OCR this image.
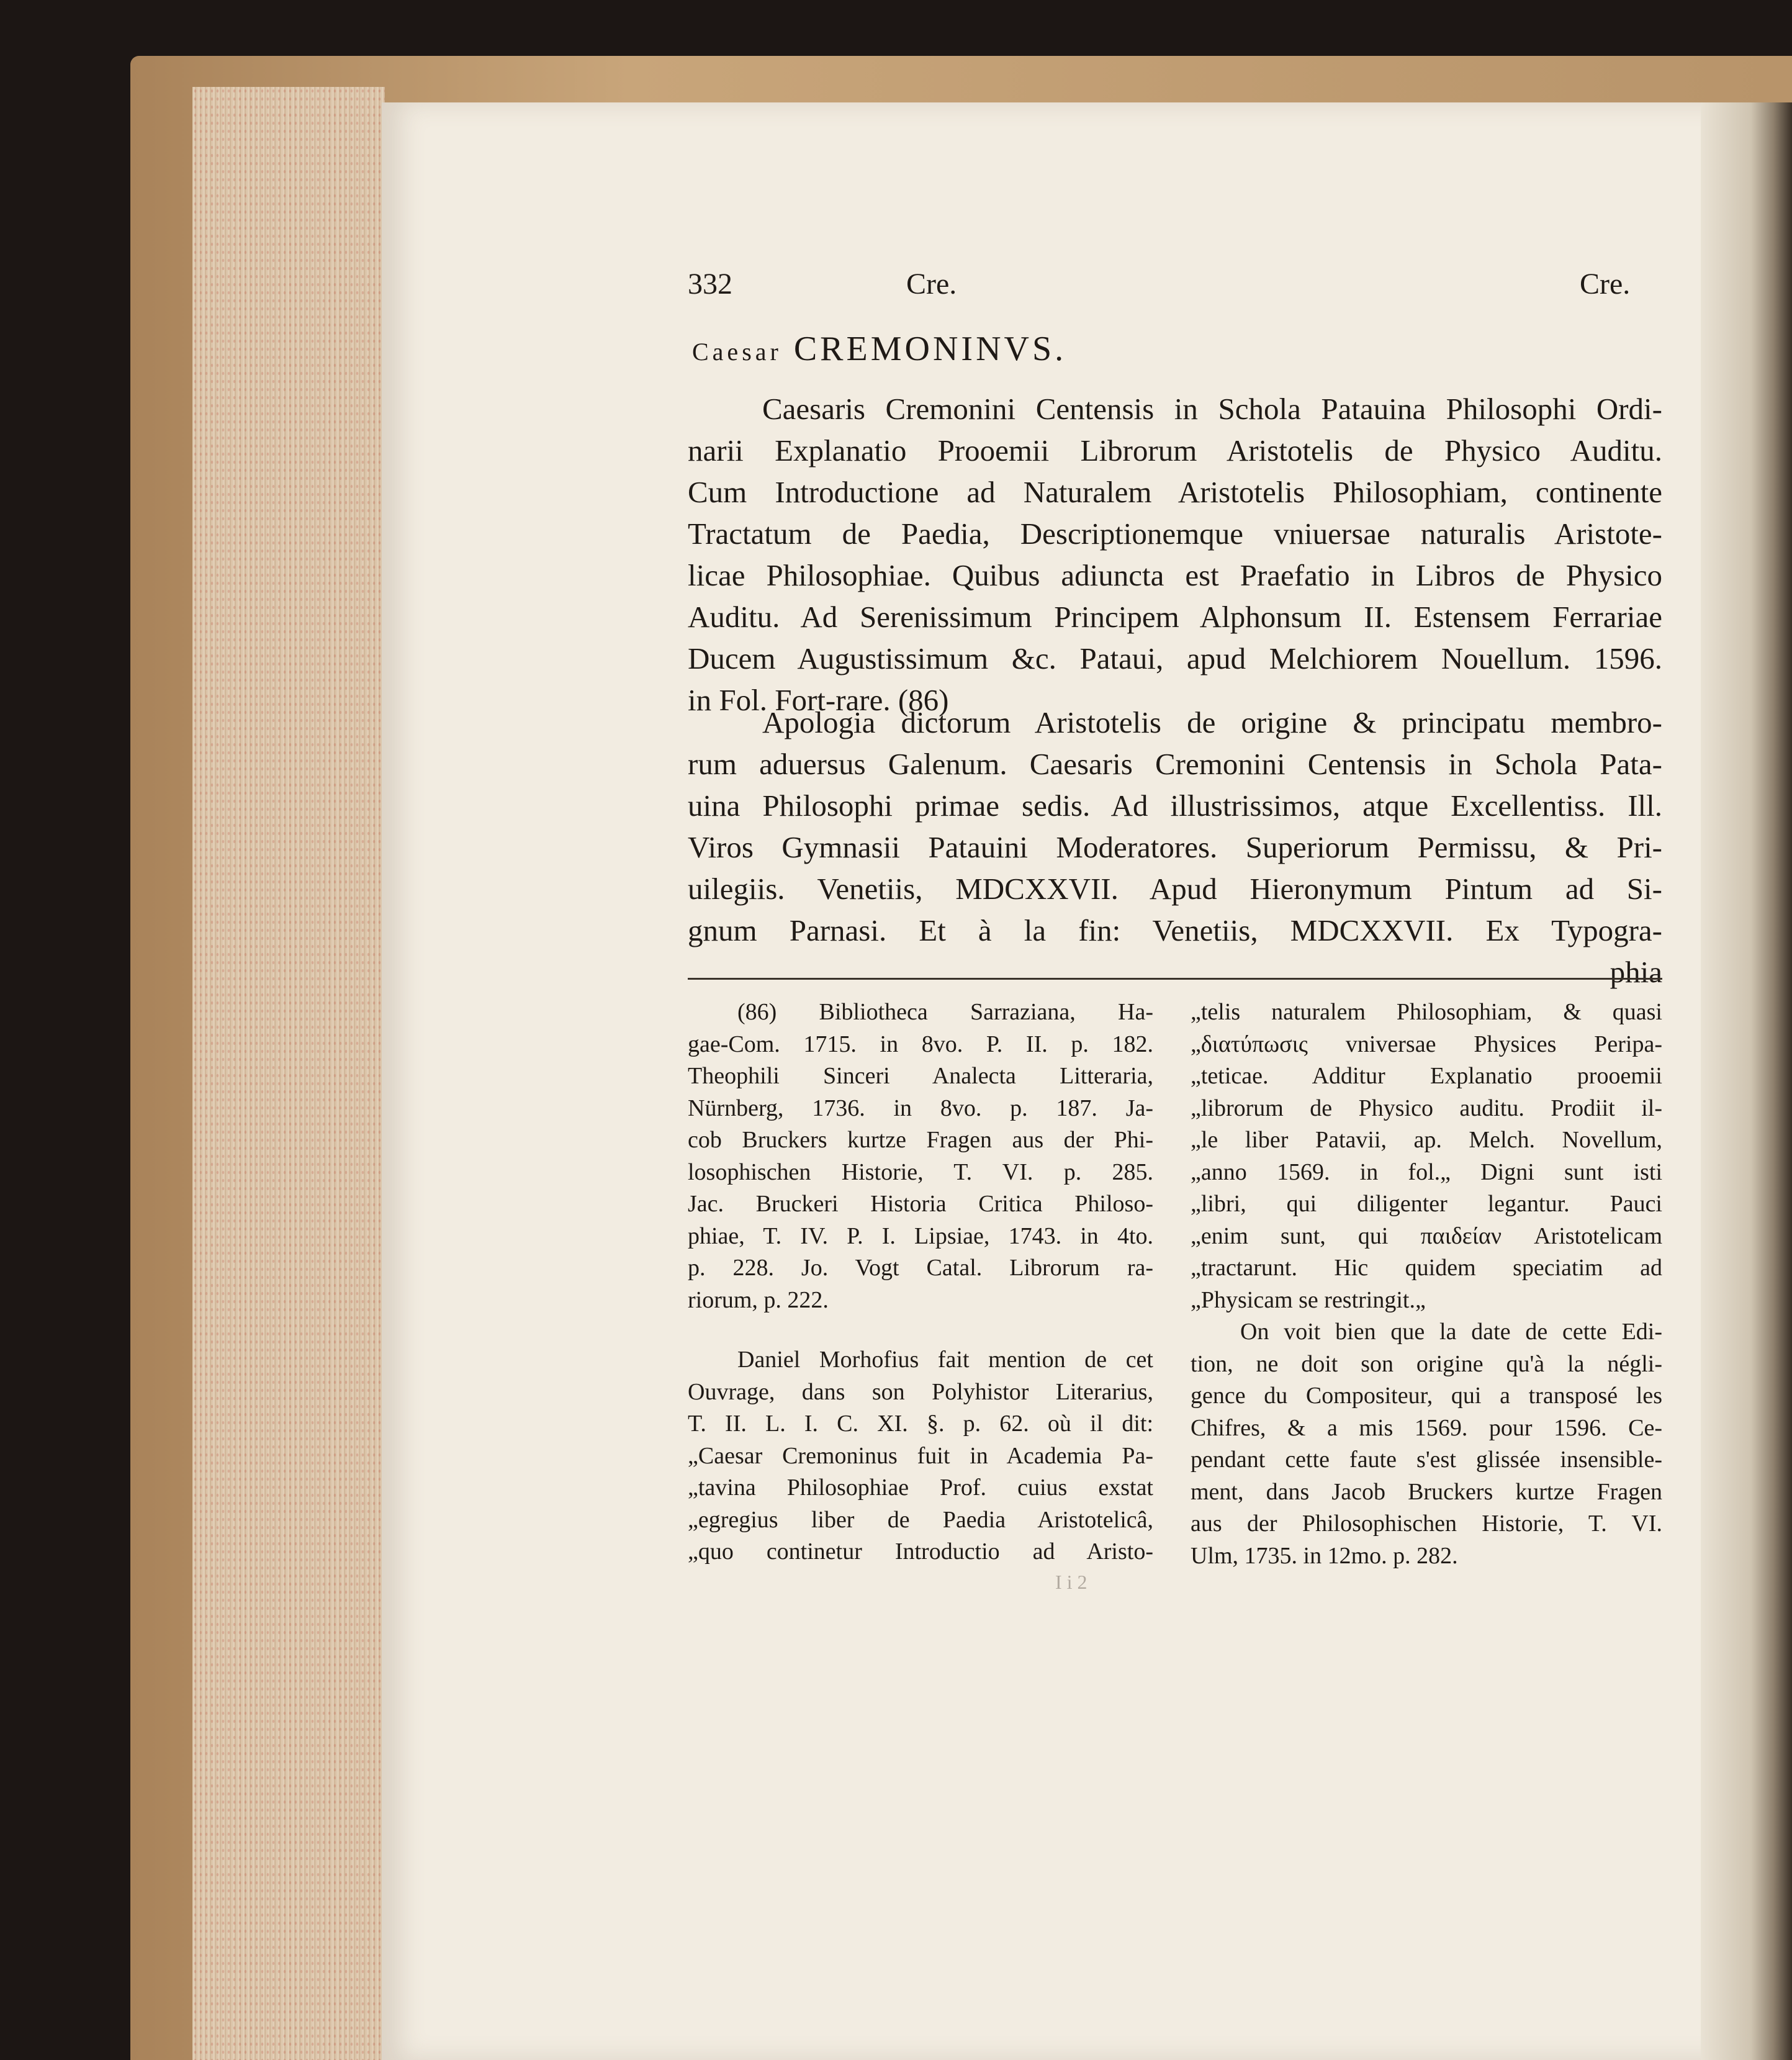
332	Cre.	Cre.
Caesar CREMONINVS.
Caesaris Cremonini Centensis in Schola Patauina Philosophi Ordi-
narii Explanatio Prooemii Librorum Aristotelis de Physico Auditu.
Cum Introductione ad Naturalem Aristotelis Philosophiam, continente
Tractatum de Paedia, Descriptionemque vniuersae naturalis Aristote-
licae Philosophiae. Quibus adiuncta est Praefatio in Libros de Physico
Auditu. Ad Serenissimum Principem Alphonsum II. Estensem Ferrariae
Ducem Augustissimum &c. Pataui, apud Melchiorem Nouellum. 1596.
in Fol. Fort-rare. (86)
Apologia dictorum Aristotelis de origine & principatu membro-
rum aduersus Galenum. Caesaris Cremonini Centensis in Schola Pata-
uina Philosophi primae sedis. Ad illustrissimos, atque Excellentiss. Ill.
Viros Gymnasii Patauini Moderatores. Superiorum Permissu, & Pri-
uilegiis. Venetiis, MDCXXVII. Apud Hieronymum Pintum ad Si-
gnum Parnasi. Et à la fin: Venetiis, MDCXXVII. Ex Typogra-
phia
(86) Bibliotheca Sarraziana, Ha-
gae-Com. 1715. in 8vo. P. II. p. 182.
Theophili Sinceri Analecta Litteraria,
Nürnberg, 1736. in 8vo. p. 187. Ja-
cob Bruckers kurtze Fragen aus der Phi-
losophischen Historie, T. VI. p. 285.
Jac. Bruckeri Historia Critica Philoso-
phiae, T. IV. P. I. Lipsiae, 1743. in 4to.
p. 228. Jo. Vogt Catal. Librorum ra-
riorum, p. 222.
Daniel Morhofius fait mention de cet
Ouvrage, dans son Polyhistor Literarius,
T. II. L. I. C. XI. §. p. 62. où il dit:
„Caesar Cremoninus fuit in Academia Pa-
„tavina Philosophiae Prof. cuius exstat
„egregius liber de Paedia Aristotelicâ,
„quo continetur Introductio ad Aristo-
„telis naturalem Philosophiam, & quasi
„διατύπωσις vniversae Physices Peripa-
„teticae. Additur Explanatio prooemii
„librorum de Physico auditu. Prodiit il-
„le liber Patavii, ap. Melch. Novellum,
„anno 1569. in fol.„ Digni sunt isti
„libri, qui diligenter legantur. Pauci
„enim sunt, qui παιδείαν Aristotelicam
„tractarunt. Hic quidem speciatim ad
„Physicam se restringit.„
On voit bien que la date de cette Edi-
tion, ne doit son origine qu'à la négli-
gence du Compositeur, qui a transposé les
Chifres, & a mis 1569. pour 1596. Ce-
pendant cette faute s'est glissée insensible-
ment, dans Jacob Bruckers kurtze Fragen
aus der Philosophischen Historie, T. VI.
Ulm, 1735. in 12mo. p. 282.
I i 2
